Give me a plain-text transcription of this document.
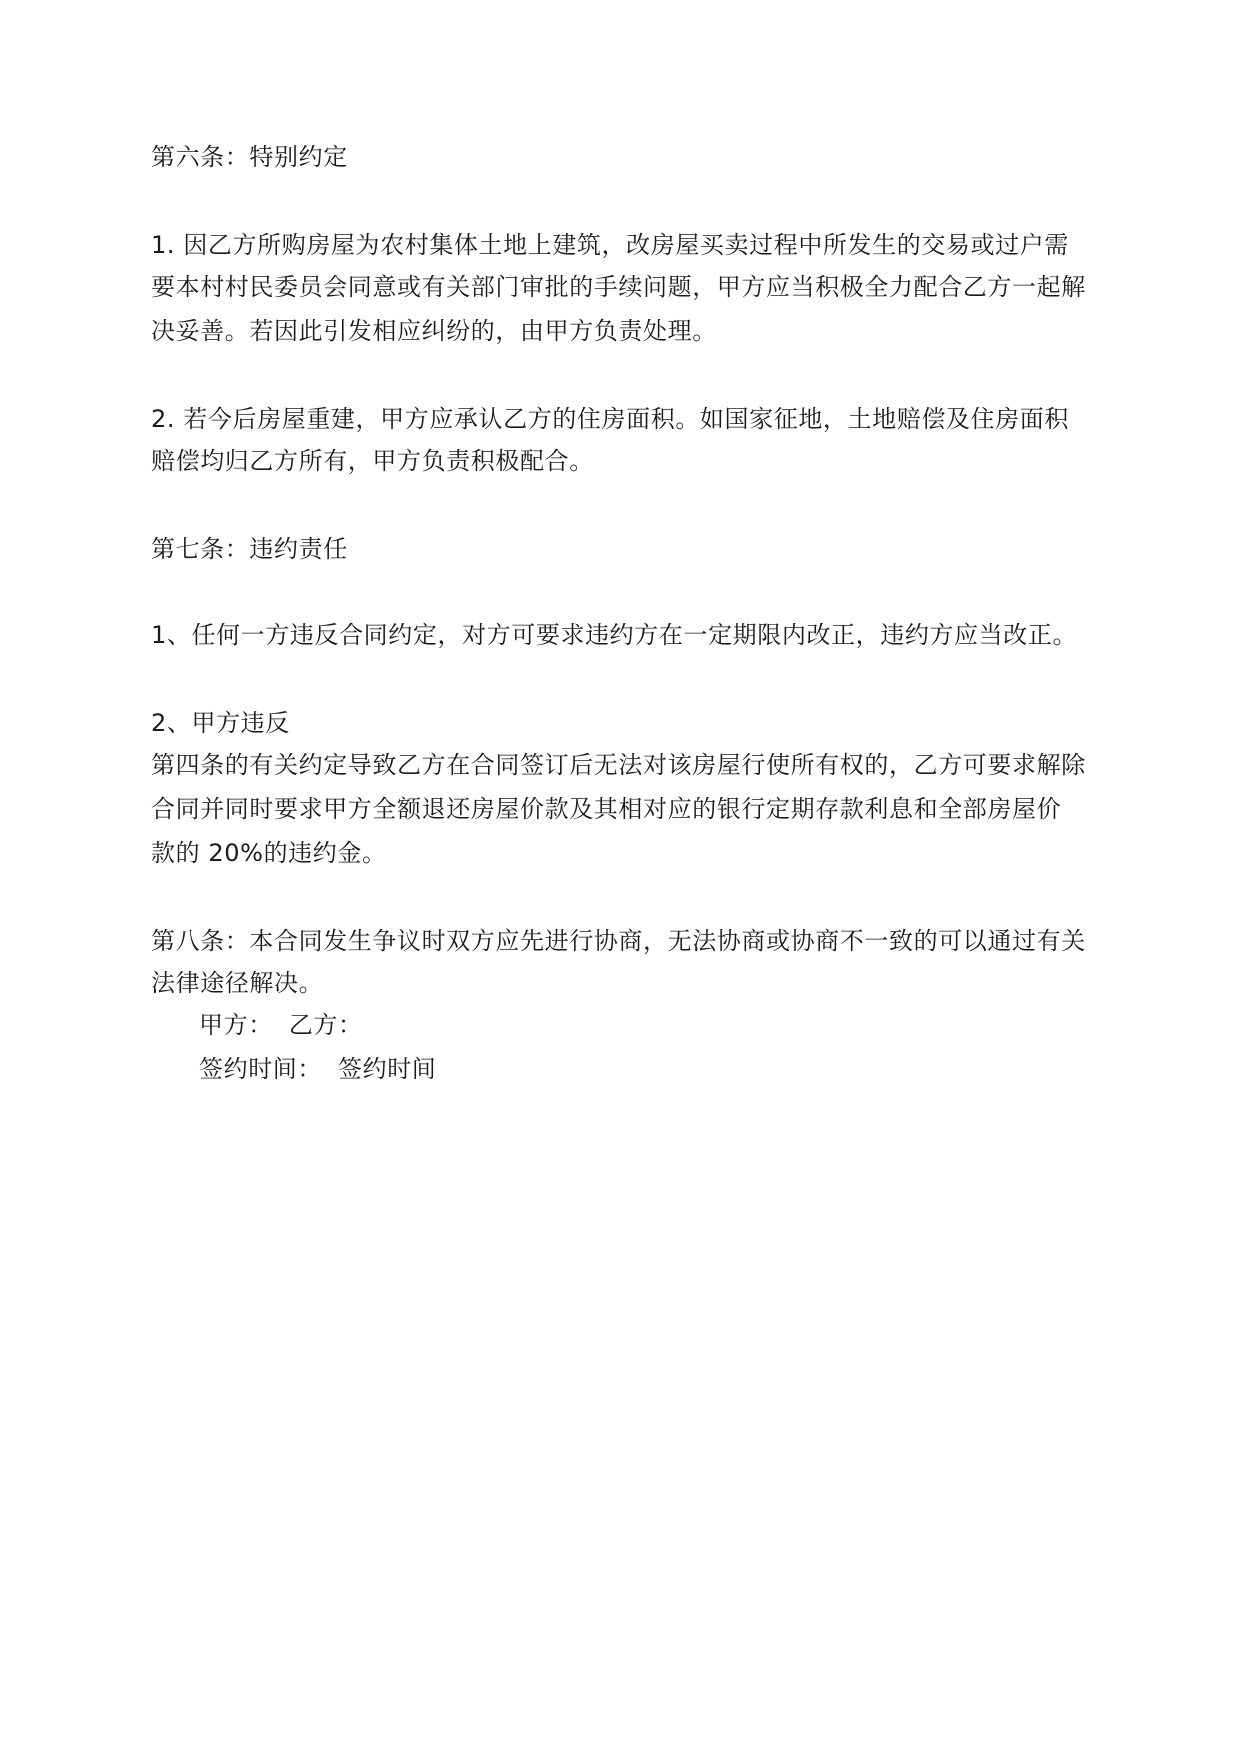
第六条：特别约定
1. 因乙方所购房屋为农村集体土地上建筑，改房屋买卖过程中所发生的交易或过户需
要本村村民委员会同意或有关部门审批的手续问题，甲方应当积极全力配合乙方一起解
决妥善。若因此引发相应纠纷的，由甲方负责处理。
2. 若今后房屋重建，甲方应承认乙方的住房面积。如国家征地，土地赔偿及住房面积
赔偿均归乙方所有，甲方负责积极配合。
第七条：违约责任
1、任何一方违反合同约定，对方可要求违约方在一定期限内改正，违约方应当改正。
2、甲方违反
第四条的有关约定导致乙方在合同签订后无法对该房屋行使所有权的，乙方可要求解除
合同并同时要求甲方全额退还房屋价款及其相对应的银行定期存款利息和全部房屋价
款的 20%的违约金。
第八条：本合同发生争议时双方应先进行协商，无法协商或协商不一致的可以通过有关
法律途径解决。
甲方： 乙方：
签约时间： 签约时间
